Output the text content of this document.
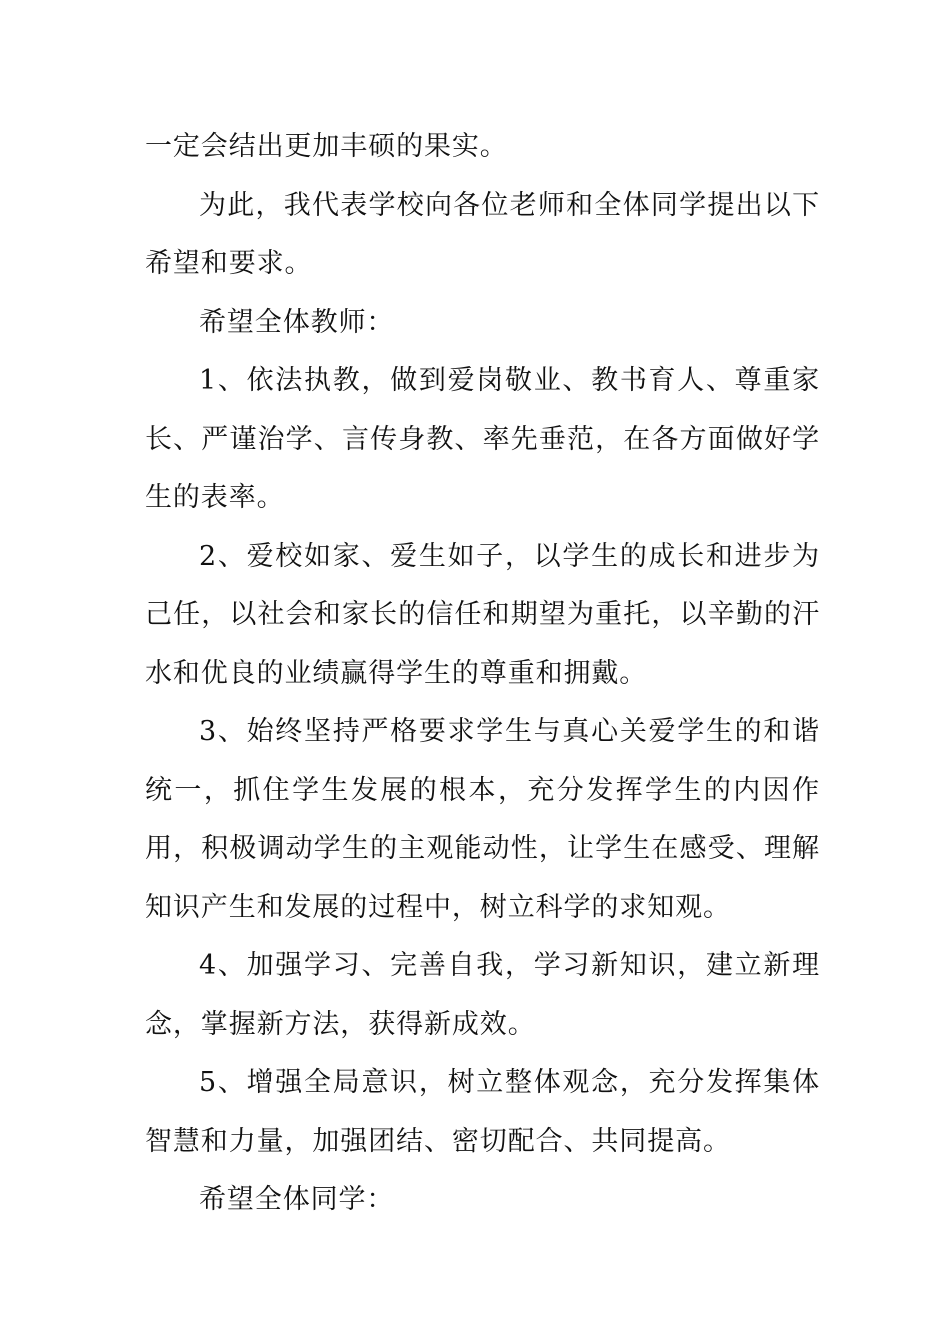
一定会结出更加丰硕的果实。

为此，我代表学校向各位老师和全体同学提出以下希望和要求。

希望全体教师：

1、依法执教，做到爱岗敬业、教书育人、尊重家长、严谨治学、言传身教、率先垂范，在各方面做好学生的表率。

2、爱校如家、爱生如子，以学生的成长和进步为己任，以社会和家长的信任和期望为重托，以辛勤的汗水和优良的业绩赢得学生的尊重和拥戴。

3、始终坚持严格要求学生与真心关爱学生的和谐统一，抓住学生发展的根本，充分发挥学生的内因作用，积极调动学生的主观能动性，让学生在感受、理解知识产生和发展的过程中，树立科学的求知观。

4、加强学习、完善自我，学习新知识，建立新理念，掌握新方法，获得新成效。

5、增强全局意识，树立整体观念，充分发挥集体智慧和力量，加强团结、密切配合、共同提高。

希望全体同学：
